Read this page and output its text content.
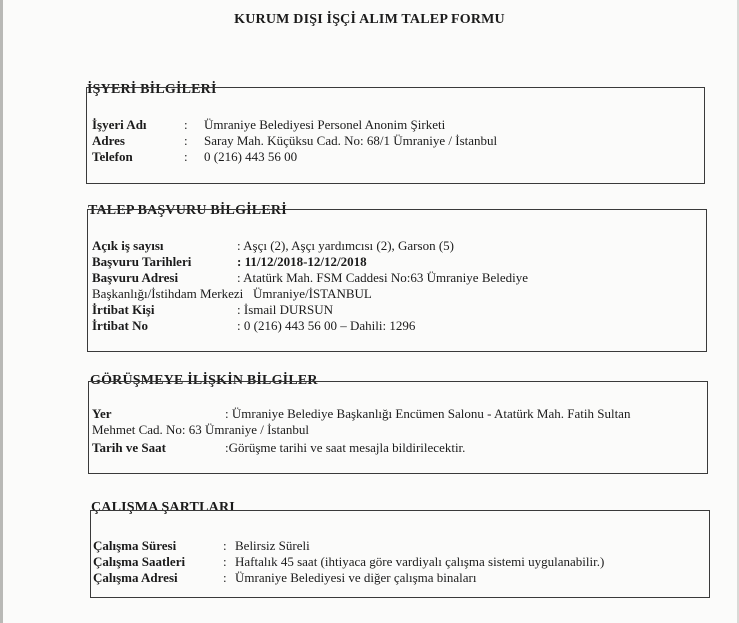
KURUM DIŞI İŞÇİ ALIM TALEP FORMU
İŞYERİ BİLGİLERİ
İşyeri Adı	: Ümraniye Belediyesi Personel Anonim Şirketi
Adres	: Saray Mah. Küçüksu Cad. No: 68/1 Ümraniye / İstanbul
Telefon	: 0 (216) 443 56 00
TALEP BAŞVURU BİLGİLERİ
Açık iş sayısı	: Aşçı (2), Aşçı yardımcısı (2), Garson (5)
Başvuru Tarihleri	: 11/12/2018-12/12/2018
Başvuru Adresi	: Atatürk Mah. FSM Caddesi No:63 Ümraniye Belediye
Başkanlığı/İstihdam Merkezi   Ümraniye/İSTANBUL
İrtibat Kişi	: İsmail DURSUN
İrtibat No	: 0 (216) 443 56 00 – Dahili: 1296
GÖRÜŞMEYE İLİŞKİN BİLGİLER
Yer	: Ümraniye Belediye Başkanlığı Encümen Salonu - Atatürk Mah. Fatih Sultan
Mehmet Cad. No: 63 Ümraniye / İstanbul
Tarih ve Saat	:Görüşme tarihi ve saat mesajla bildirilecektir.
ÇALIŞMA ŞARTLARI
Çalışma Süresi	: Belirsiz Süreli
Çalışma Saatleri	: Haftalık 45 saat (ihtiyaca göre vardiyalı çalışma sistemi uygulanabilir.)
Çalışma Adresi	: Ümraniye Belediyesi ve diğer çalışma binaları
